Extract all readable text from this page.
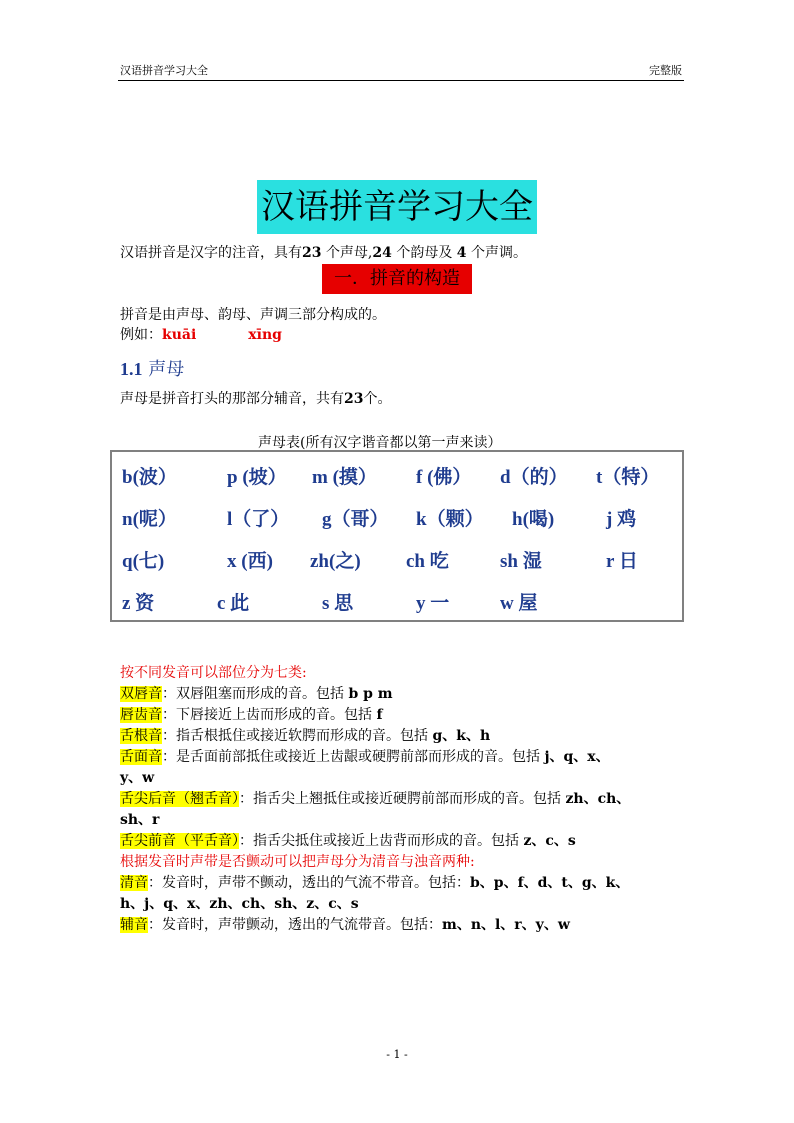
汉语拼音学习大全	完整版
汉语拼音学习大全
汉语拼音是汉字的注音，具有23 个声母,24 个韵母及 4 个声调。
一．拼音的构造
拼音是由声母、韵母、声调三部分构成的。
例如：kuāi	xīng
1.1 声母
声母是拼音打头的那部分辅音，共有23个。
声母表(所有汉字谐音都以第一声来读）
b(波）	p (坡） m (摸） f (佛） d（的） t（特）
n(呢）	l（了） g（哥） k（颗） h(喝)	j 鸡
q(七)	x (西) zh(之) ch 吃	sh 湿	r 日
z 资	c 此	s 思	y 一	w 屋
按不同发音可以部位分为七类:
双唇音：双唇阻塞而形成的音。包括 b p m
唇齿音：下唇接近上齿而形成的音。包括 f
舌根音：指舌根抵住或接近软腭而形成的音。包括 g、k、h
舌面音：是舌面前部抵住或接近上齿龈或硬腭前部而形成的音。包括 j、q、x、
y、w
舌尖后音（翘舌音）：指舌尖上翘抵住或接近硬腭前部而形成的音。包括 zh、ch、
sh、r
舌尖前音（平舌音）：指舌尖抵住或接近上齿背而形成的音。包括 z、c、s
根据发音时声带是否颤动可以把声母分为清音与浊音两种:
清音：发音时，声带不颤动，透出的气流不带音。包括：b、p、f、d、t、g、k、
h、j、q、x、zh、ch、sh、z、c、s
辅音：发音时，声带颤动，透出的气流带音。包括：m、n、l、r、y、w
- 1 -
